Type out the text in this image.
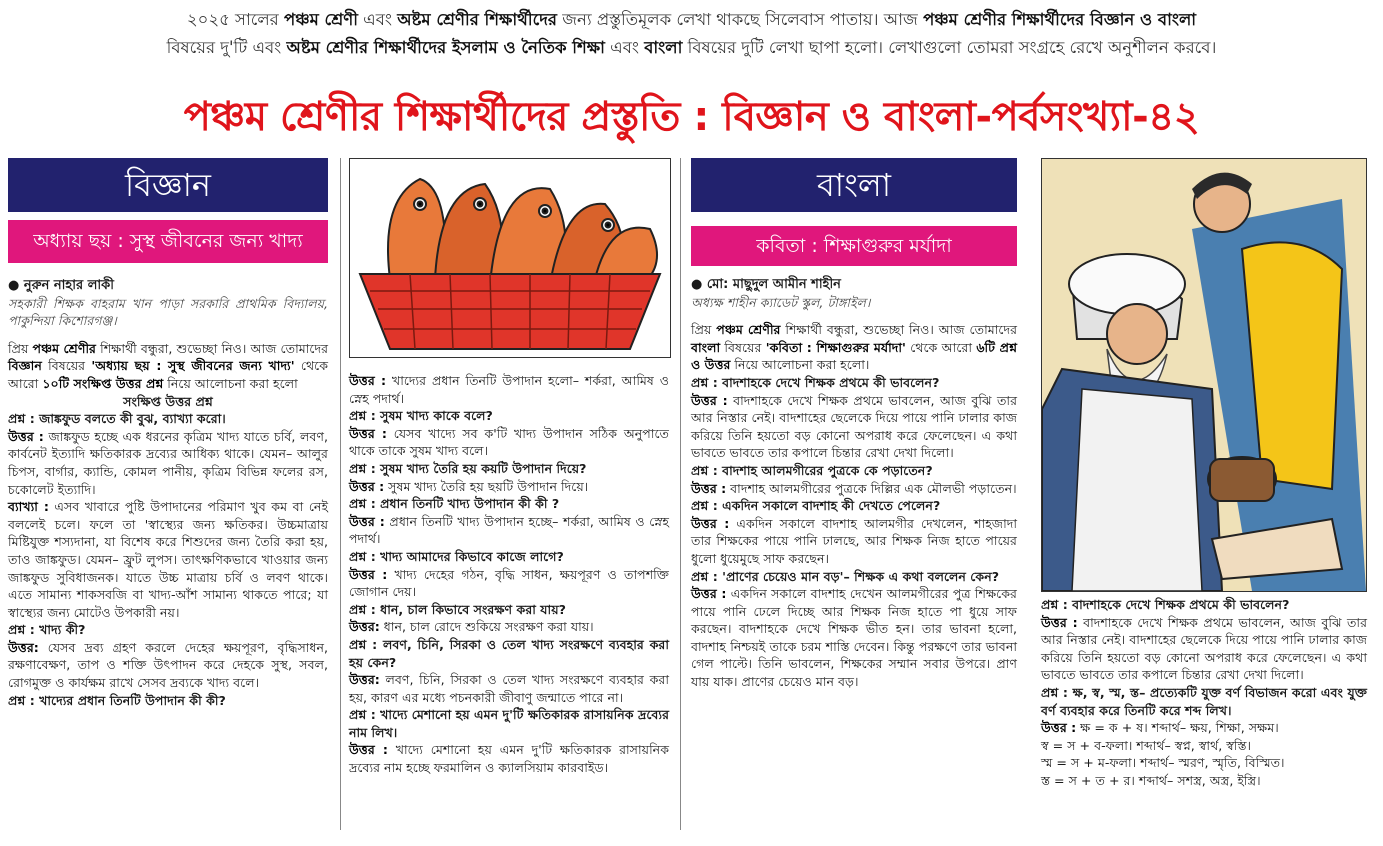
২০২৫ সালের পঞ্চম শ্রেণী এবং অষ্টম শ্রেণীর শিক্ষার্থীদের জন্য প্রস্তুতিমূলক লেখা থাকছে সিলেবাস পাতায়। আজ পঞ্চম শ্রেণীর শিক্ষার্থীদের বিজ্ঞান ও বাংলা
বিষয়ের দু'টি এবং অষ্টম শ্রেণীর শিক্ষার্থীদের ইসলাম ও নৈতিক শিক্ষা এবং বাংলা বিষয়ের দুটি লেখা ছাপা হলো। লেখাগুলো তোমরা সংগ্রহে রেখে অনুশীলন করবে।
পঞ্চম শ্রেণীর শিক্ষার্থীদের প্রস্তুতি : বিজ্ঞান ও বাংলা-পর্বসংখ্যা-৪২
বিজ্ঞান
অধ্যায় ছয় : সুস্থ জীবনের জন্য খাদ্য
● নুরুন নাহার লাকী
সহকারী শিক্ষক বাহরাম খান পাড়া সরকারি প্রাথমিক বিদ্যালয়, পাকুন্দিয়া কিশোরগঞ্জ।

প্রিয় পঞ্চম শ্রেণীর শিক্ষার্থী বন্ধুরা, শুভেচ্ছা নিও। আজ তোমাদের বিজ্ঞান বিষয়ের 'অধ্যায় ছয় : সুস্থ জীবনের জন্য খাদ্য' থেকে আরো ১০টি সংক্ষিপ্ত উত্তর প্রশ্ন নিয়ে আলোচনা করা হলো

সংক্ষিপ্ত উত্তর প্রশ্ন

প্রশ্ন : জাঙ্কফুড বলতে কী বুঝ, ব্যাখ্যা করো।

উত্তর : জাঙ্কফুড হচ্ছে এক ধরনের কৃত্রিম খাদ্য যাতে চর্বি, লবণ, কার্বনেট ইত্যাদি ক্ষতিকারক দ্রব্যের আধিক্য থাকে। যেমন– আলুর চিপস, বার্গার, ক্যান্ডি, কোমল পানীয়, কৃত্রিম বিভিন্ন ফলের রস, চকোলেট ইত্যাদি।

ব্যাখ্যা : এসব খাবারে পুষ্টি উপাদানের পরিমাণ খুব কম বা নেই বললেই চলে। ফলে তা 'স্বাস্থ্যের জন্য ক্ষতিকর। উচ্চমাত্রায় মিষ্টিযুক্ত শস্যদানা, যা বিশেষ করে শিশুদের জন্য তৈরি করা হয়, তাও জাঙ্কফুড। যেমন– ফ্রুট লুপস। তাৎক্ষণিকভাবে খাওয়ার জন্য জাঙ্কফুড সুবিধাজনক। যাতে উচ্চ মাত্রায় চর্বি ও লবণ থাকে। এতে সামান্য শাকসবজি বা খাদ্য-আঁশ সামান্য থাকতে পারে; যা স্বাস্থ্যের জন্য মোটেও উপকারী নয়।

প্রশ্ন : খাদ্য কী?

উত্তর: যেসব দ্রব্য গ্রহণ করলে দেহের ক্ষয়পূরণ, বৃদ্ধিসাধন, রক্ষণাবেক্ষণ, তাপ ও শক্তি উৎপাদন করে দেহকে সুস্থ, সবল, রোগমুক্ত ও কার্যক্ষম রাখে সেসব দ্রব্যকে খাদ্য বলে।

প্রশ্ন : খাদ্যের প্রধান তিনটি উপাদান কী কী?

উত্তর : খাদ্যের প্রধান তিনটি উপাদান হলো– শর্করা, আমিষ ও স্নেহ পদার্থ।

প্রশ্ন : সুষম খাদ্য কাকে বলে?

উত্তর : যেসব খাদ্যে সব ক'টি খাদ্য উপাদান সঠিক অনুপাতে থাকে তাকে সুষম খাদ্য বলে।

প্রশ্ন : সুষম খাদ্য তৈরি হয় কয়টি উপাদান দিয়ে?

উত্তর : সুষম খাদ্য তৈরি হয় ছয়টি উপাদান দিয়ে।

প্রশ্ন : প্রধান তিনটি খাদ্য উপাদান কী কী ?

উত্তর : প্রধান তিনটি খাদ্য উপাদান হচ্ছে– শর্করা, আমিষ ও স্নেহ পদার্থ।

প্রশ্ন : খাদ্য আমাদের কিভাবে কাজে লাগে?

উত্তর : খাদ্য দেহের গঠন, বৃদ্ধি সাধন, ক্ষয়পূরণ ও তাপশক্তি জোগান দেয়।

প্রশ্ন : ধান, চাল কিভাবে সংরক্ষণ করা যায়?

উত্তর: ধান, চাল রোদে শুকিয়ে সংরক্ষণ করা যায়।

প্রশ্ন : লবণ, চিনি, সিরকা ও তেল খাদ্য সংরক্ষণে ব্যবহার করা হয় কেন?

উত্তর: লবণ, চিনি, সিরকা ও তেল খাদ্য সংরক্ষণে ব্যবহার করা হয়, কারণ এর মধ্যে পচনকারী জীবাণু জন্মাতে পারে না।

প্রশ্ন : খাদ্যে মেশানো হয় এমন দু'টি ক্ষতিকারক রাসায়নিক দ্রব্যের নাম লিখ।

উত্তর : খাদ্যে মেশানো হয় এমন দু'টি ক্ষতিকারক রাসায়নিক দ্রব্যের নাম হচ্ছে ফরমালিন ও ক্যালসিয়াম কারবাইড।

বাংলা
কবিতা : শিক্ষাগুরুর মর্যাদা
● মো: মাছুদুল আমীন শাহীন
অধ্যক্ষ শাহীন ক্যাডেট স্কুল, টাঙ্গাইল।

প্রিয় পঞ্চম শ্রেণীর শিক্ষার্থী বন্ধুরা, শুভেচ্ছা নিও। আজ তোমাদের বাংলা বিষয়ের 'কবিতা : শিক্ষাগুরুর মর্যাদা' থেকে আরো ৬টি প্রশ্ন ও উত্তর নিয়ে আলোচনা করা হলো।

প্রশ্ন : বাদশাহকে দেখে শিক্ষক প্রথমে কী ভাবলেন?

উত্তর : বাদশাহকে দেখে শিক্ষক প্রথমে ভাবলেন, আজ বুঝি তার আর নিস্তার নেই। বাদশাহের ছেলেকে দিয়ে পায়ে পানি ঢালার কাজ করিয়ে তিনি হয়তো বড় কোনো অপরাধ করে ফেলেছেন। এ কথা ভাবতে ভাবতে তার কপালে চিন্তার রেখা দেখা দিলো।

প্রশ্ন : বাদশাহ আলমগীরের পুত্রকে কে পড়াতেন?

উত্তর : বাদশাহ আলমগীরের পুত্রকে দিল্লির এক মৌলভী পড়াতেন।

প্রশ্ন : একদিন সকালে বাদশাহ কী দেখতে পেলেন?

উত্তর : একদিন সকালে বাদশাহ আলমগীর দেখলেন, শাহজাদা তার শিক্ষকের পায়ে পানি ঢালছে, আর শিক্ষক নিজ হাতে পায়ের ধুলো ধুয়েমুছে সাফ করছেন।

প্রশ্ন : 'প্রাণের চেয়েও মান বড়'– শিক্ষক এ কথা বললেন কেন?

উত্তর : একদিন সকালে বাদশাহ দেখেন আলমগীরের পুত্র শিক্ষকের পায়ে পানি ঢেলে দিচ্ছে আর শিক্ষক নিজ হাতে পা ধুয়ে সাফ করছেন। বাদশাহকে দেখে শিক্ষক ভীত হন। তার ভাবনা হলো, বাদশাহ নিশ্চয়ই তাকে চরম শাস্তি দেবেন। কিন্তু পরক্ষণে তার ভাবনা গেল পাল্টে। তিনি ভাবলেন, শিক্ষকের সম্মান সবার উপরে। প্রাণ যায় যাক। প্রাণের চেয়েও মান বড়।

প্রশ্ন : বাদশাহকে দেখে শিক্ষক প্রথমে কী ভাবলেন?

উত্তর : বাদশাহকে দেখে শিক্ষক প্রথমে ভাবলেন, আজ বুঝি তার আর নিস্তার নেই। বাদশাহের ছেলেকে দিয়ে পায়ে পানি ঢালার কাজ করিয়ে তিনি হয়তো বড় কোনো অপরাধ করে ফেলেছেন। এ কথা ভাবতে ভাবতে তার কপালে চিন্তার রেখা দেখা দিলো।

প্রশ্ন : ক্ষ, স্ব, স্ম, স্ত– প্রত্যেকটি যুক্ত বর্ণ বিভাজন করো এবং যুক্ত বর্ণ ব্যবহার করে তিনটি করে শব্দ লিখ।

উত্তর : ক্ষ = ক + ষ। শব্দার্থ– ক্ষয়, শিক্ষা, সক্ষম।

স্ব = স + ব-ফলা। শব্দার্থ– স্বপ্ন, স্বার্থ, স্বস্তি।

স্ম = স + ম-ফলা। শব্দার্থ– স্মরণ, স্মৃতি, বিস্মিত।

স্ত = স + ত + র। শব্দার্থ– সশস্ত্র, অস্ত্র, ইস্ত্রি।
